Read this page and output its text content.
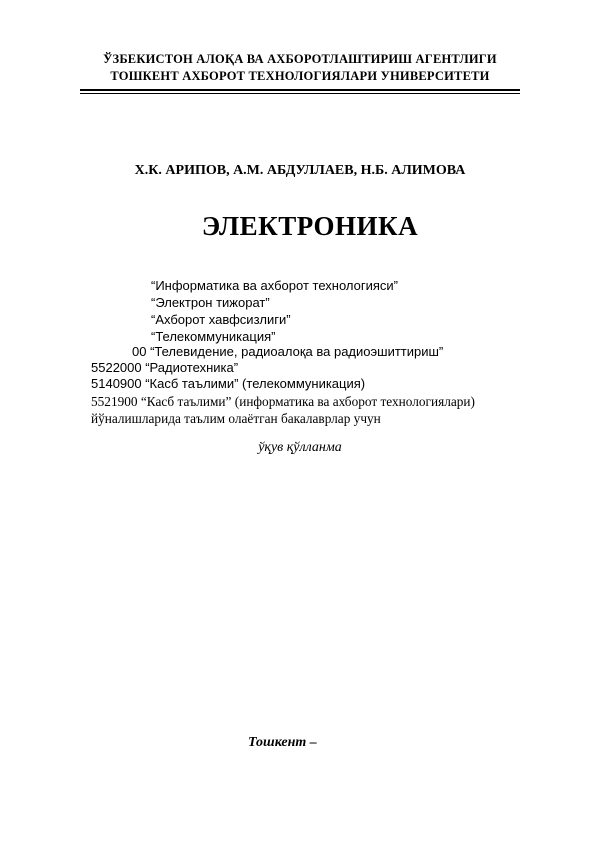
ЎЗБЕКИСТОН АЛОҚА ВА АХБОРОТЛАШТИРИШ АГЕНТЛИГИ
ТОШКЕНТ АХБОРОТ ТЕХНОЛОГИЯЛАРИ УНИВЕРСИТЕТИ
Х.К. АРИПОВ, А.М. АБДУЛЛАЕВ, Н.Б. АЛИМОВА
ЭЛЕКТРОНИКА
“Информатика ва ахборот технологияси”
“Электрон тижорат”
“Ахборот хавфсизлиги”
“Телекоммуникация”
00 “Телевидение, радиоалоқа ва радиоэшиттириш”
5522000 “Радиотехника”
5140900 “Касб таълими” (телекоммуникация)
5521900 “Касб таълими” (информатика ва ахборот технологиялари)
йўналишларида таълим олаётган бакалаврлар учун
ўқув қўлланма
Тошкент –
